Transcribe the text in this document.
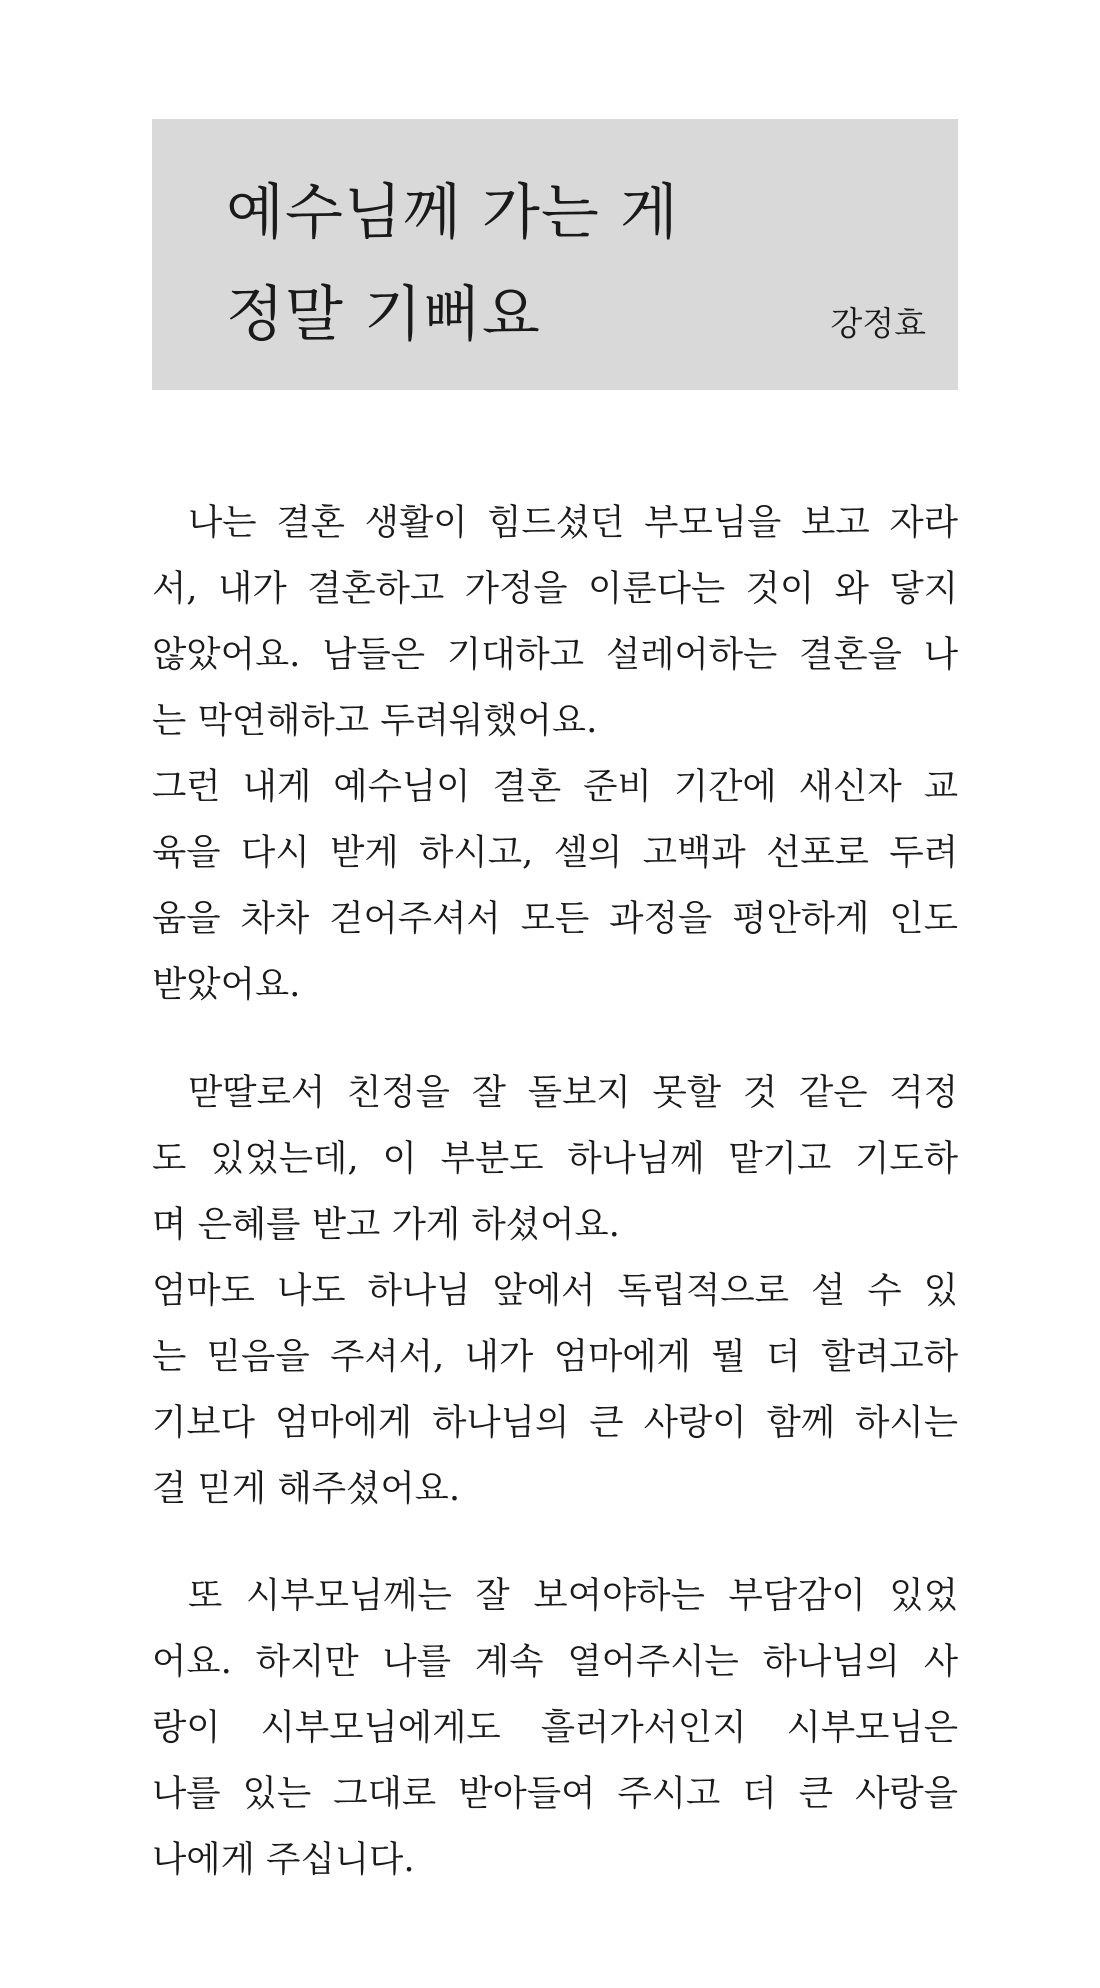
예수님께 가는 게
정말 기뻐요	강정효
나는 결혼 생활이 힘드셨던 부모님을 보고 자라
서, 내가 결혼하고 가정을 이룬다는 것이 와 닿지
않았어요. 남들은 기대하고 설레어하는 결혼을 나
는 막연해하고 두려워했어요.
그런 내게 예수님이 결혼 준비 기간에 새신자 교
육을 다시 받게 하시고, 셀의 고백과 선포로 두려
움을 차차 걷어주셔서 모든 과정을 평안하게 인도
받았어요.
맏딸로서 친정을 잘 돌보지 못할 것 같은 걱정
도 있었는데, 이 부분도 하나님께 맡기고 기도하
며 은혜를 받고 가게 하셨어요.
엄마도 나도 하나님 앞에서 독립적으로 설 수 있
는 믿음을 주셔서, 내가 엄마에게 뭘 더 할려고하
기보다 엄마에게 하나님의 큰 사랑이 함께 하시는
걸 믿게 해주셨어요.
또 시부모님께는 잘 보여야하는 부담감이 있었
어요. 하지만 나를 계속 열어주시는 하나님의 사
랑이 시부모님에게도 흘러가서인지 시부모님은
나를 있는 그대로 받아들여 주시고 더 큰 사랑을
나에게 주십니다.
